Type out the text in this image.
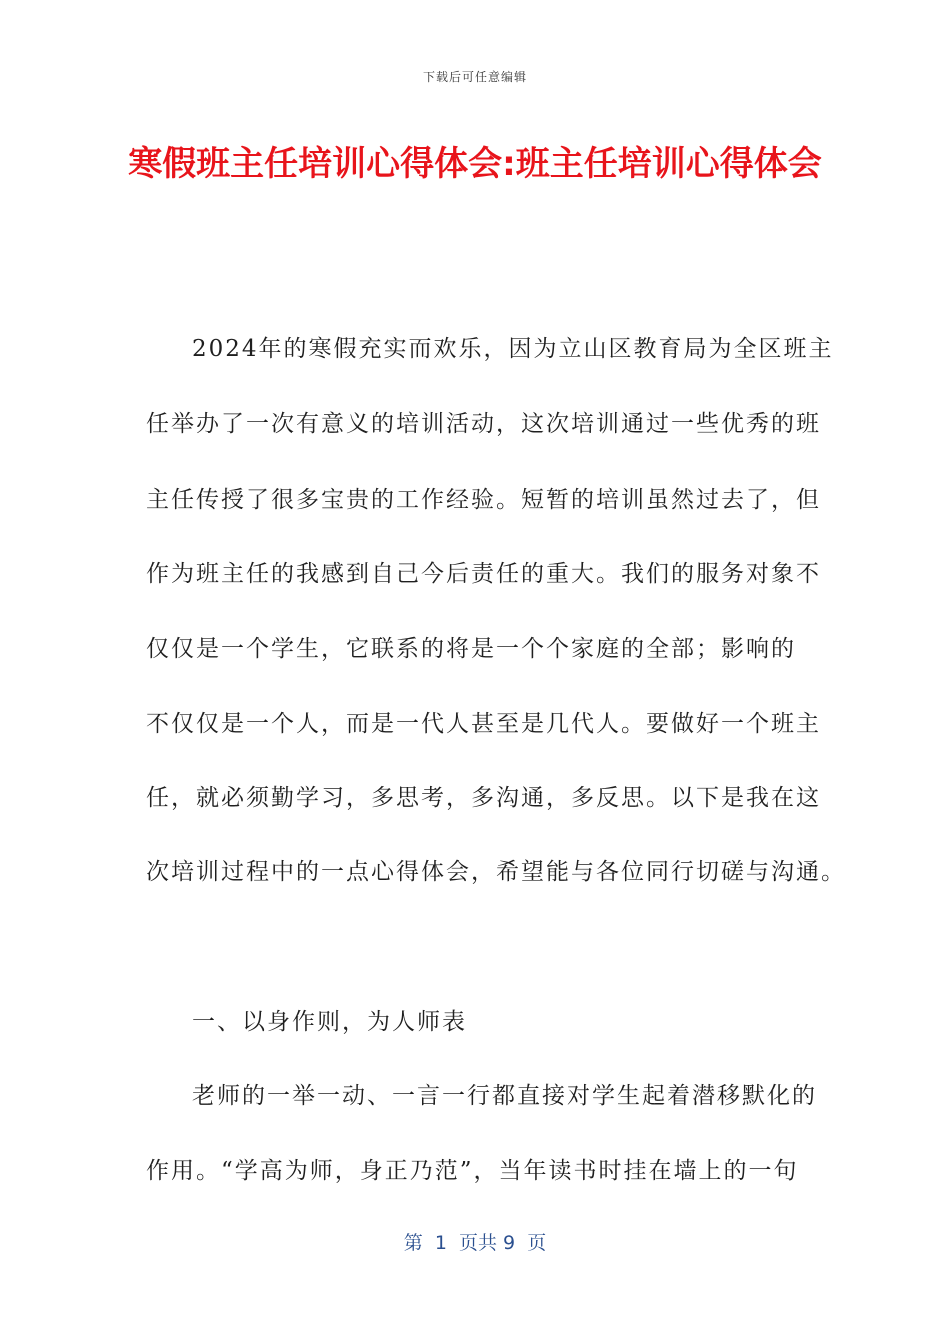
下载后可任意编辑
寒假班主任培训心得体会:班主任培训心得体会
2024年的寒假充实而欢乐，因为立山区教育局为全区班主
任举办了一次有意义的培训活动，这次培训通过一些优秀的班
主任传授了很多宝贵的工作经验。短暂的培训虽然过去了，但
作为班主任的我感到自己今后责任的重大。我们的服务对象不
仅仅是一个学生，它联系的将是一个个家庭的全部；影响的
不仅仅是一个人，而是一代人甚至是几代人。要做好一个班主
任，就必须勤学习，多思考，多沟通，多反思。以下是我在这
次培训过程中的一点心得体会，希望能与各位同行切磋与沟通。
一、以身作则，为人师表
老师的一举一动、一言一行都直接对学生起着潜移默化的
作用。“学高为师，身正乃范”，当年读书时挂在墙上的一句
第  1  页共 9  页
